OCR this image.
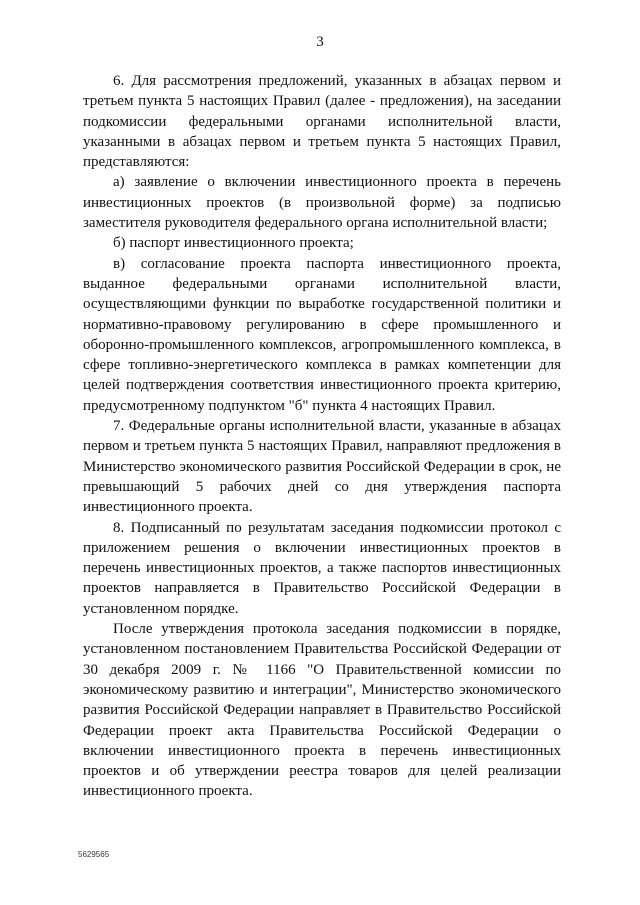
3

6. Для рассмотрения предложений, указанных в абзацах первом и третьем пункта 5 настоящих Правил (далее - предложения), на заседании подкомиссии федеральными органами исполнительной власти, указанными в абзацах первом и третьем пункта 5 настоящих Правил, представляются:

а) заявление о включении инвестиционного проекта в перечень инвестиционных проектов (в произвольной форме) за подписью заместителя руководителя федерального органа исполнительной власти;

б) паспорт инвестиционного проекта;

в) согласование проекта паспорта инвестиционного проекта, выданное федеральными органами исполнительной власти, осуществляющими функции по выработке государственной политики и нормативно-правовому регулированию в сфере промышленного и оборонно-промышленного комплексов, агропромышленного комплекса, в сфере топливно-энергетического комплекса в рамках компетенции для целей подтверждения соответствия инвестиционного проекта критерию, предусмотренному подпунктом "б" пункта 4 настоящих Правил.

7. Федеральные органы исполнительной власти, указанные в абзацах первом и третьем пункта 5 настоящих Правил, направляют предложения в Министерство экономического развития Российской Федерации в срок, не превышающий 5 рабочих дней со дня утверждения паспорта инвестиционного проекта.

8. Подписанный по результатам заседания подкомиссии протокол с приложением решения о включении инвестиционных проектов в перечень инвестиционных проектов, а также паспортов инвестиционных проектов направляется в Правительство Российской Федерации в установленном порядке.

После утверждения протокола заседания подкомиссии в порядке, установленном постановлением Правительства Российской Федерации от 30 декабря 2009 г. № 1166 "О Правительственной комиссии по экономическому развитию и интеграции", Министерство экономического развития Российской Федерации направляет в Правительство Российской Федерации проект акта Правительства Российской Федерации о включении инвестиционного проекта в перечень инвестиционных проектов и об утверждении реестра товаров для целей реализации инвестиционного проекта.

5629565
